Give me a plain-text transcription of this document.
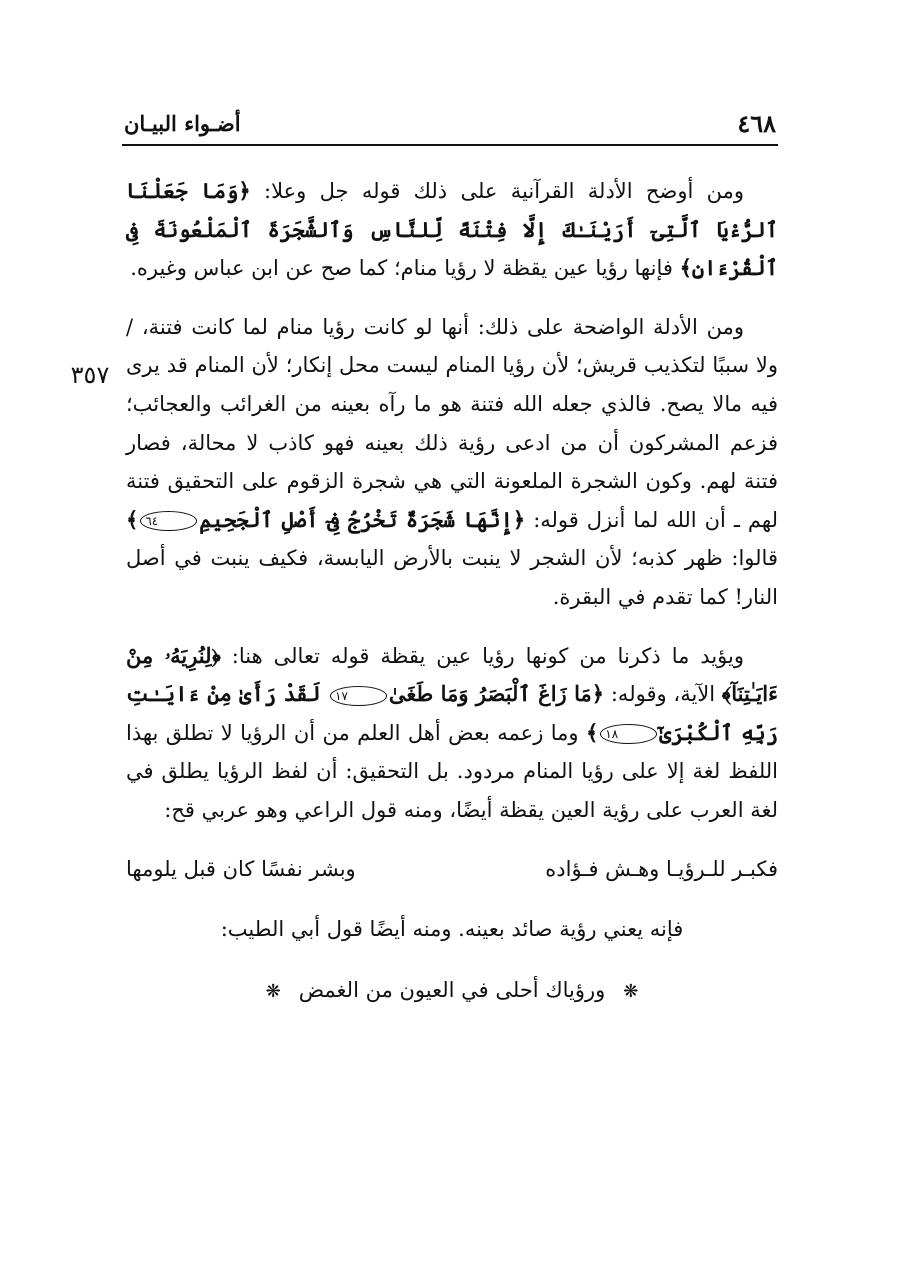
٤٦٨
أضـواء البيـان
٣٥٧

ومن أوضح الأدلة القرآنية على ذلك قوله جل وعلا: ﴿وَمَا جَعَلْنَا ٱلرُّءْيَا ٱلَّتِىٓ أَرَيْنَـٰكَ إِلَّا فِتْنَةً لِّلنَّاسِ وَٱلشَّجَرَةَ ٱلْمَلْعُونَةَ فِى ٱلْقُرْءَانِ﴾ فإنها رؤيا عين يقظة لا رؤيا منام؛ كما صح عن ابن عباس وغيره.

ومن الأدلة الواضحة على ذلك: أنها لو كانت رؤيا منام لما كانت فتنة، / ولا سببًا لتكذيب قريش؛ لأن رؤيا المنام ليست محل إنكار؛ لأن المنام قد يرى فيه مالا يصح. فالذي جعله الله فتنة هو ما رآه بعينه من الغرائب والعجائب؛ فزعم المشركون أن من ادعى رؤية ذلك بعينه فهو كاذب لا محالة، فصار فتنة لهم. وكون الشجرة الملعونة التي هي شجرة الزقوم على التحقيق فتنة لهم ـ أن الله لما أنزل قوله: ﴿إِنَّهَا شَجَرَةٌ تَخْرُجُ فِىٓ أَصْلِ ٱلْجَحِيمِ٦٤﴾ قالوا: ظهر كذبه؛ لأن الشجر لا ينبت بالأرض اليابسة، فكيف ينبت في أصل النار! كما تقدم في البقرة.

ويؤيد ما ذكرنا من كونها رؤيا عين يقظة قوله تعالى هنا: ﴿لِنُرِيَهُۥ مِنْ ءَايَـٰتِنَآ﴾ الآية، وقوله: ﴿مَا زَاغَ ٱلْبَصَرُ وَمَا طَغَىٰ١٧ لَقَدْ رَأَىٰ مِنْ ءَايَـٰتِ رَبِّهِ ٱلْكُبْرَىٰٓ١٨﴾ وما زعمه بعض أهل العلم من أن الرؤيا لا تطلق بهذا اللفظ لغة إلا على رؤيا المنام مردود. بل التحقيق: أن لفظ الرؤيا يطلق في لغة العرب على رؤية العين يقظة أيضًا، ومنه قول الراعي وهو عربي قح:

فكبـر للـرؤيـا وهـش فـؤاده
وبشر نفسًا كان قبل يلومها
فإنه يعني رؤية صائد بعينه. ومنه أيضًا قول أبي الطيب:
❋ورؤياك أحلى في العيون من الغمض❋
